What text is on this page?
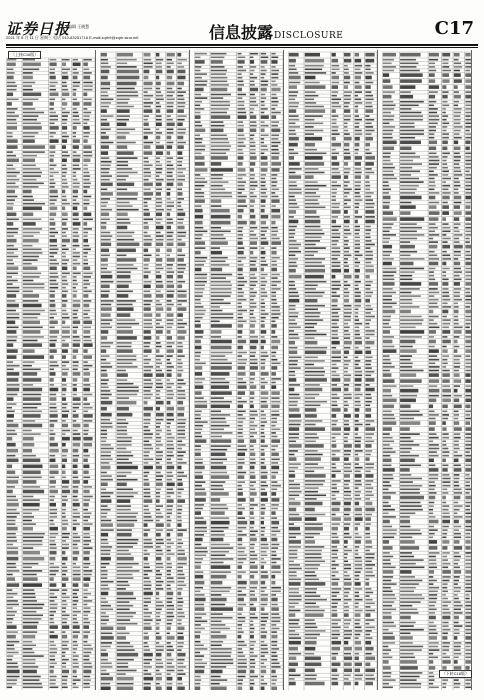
证券日报
编辑 王晓慧
2021 年 8 月 11 日 星期三 电话 010-83251716 E-mail:zqrb9@zqrb.sina.net	信息披露DISCLOSURE	C17
（上接C16版）
（下转C18版）
